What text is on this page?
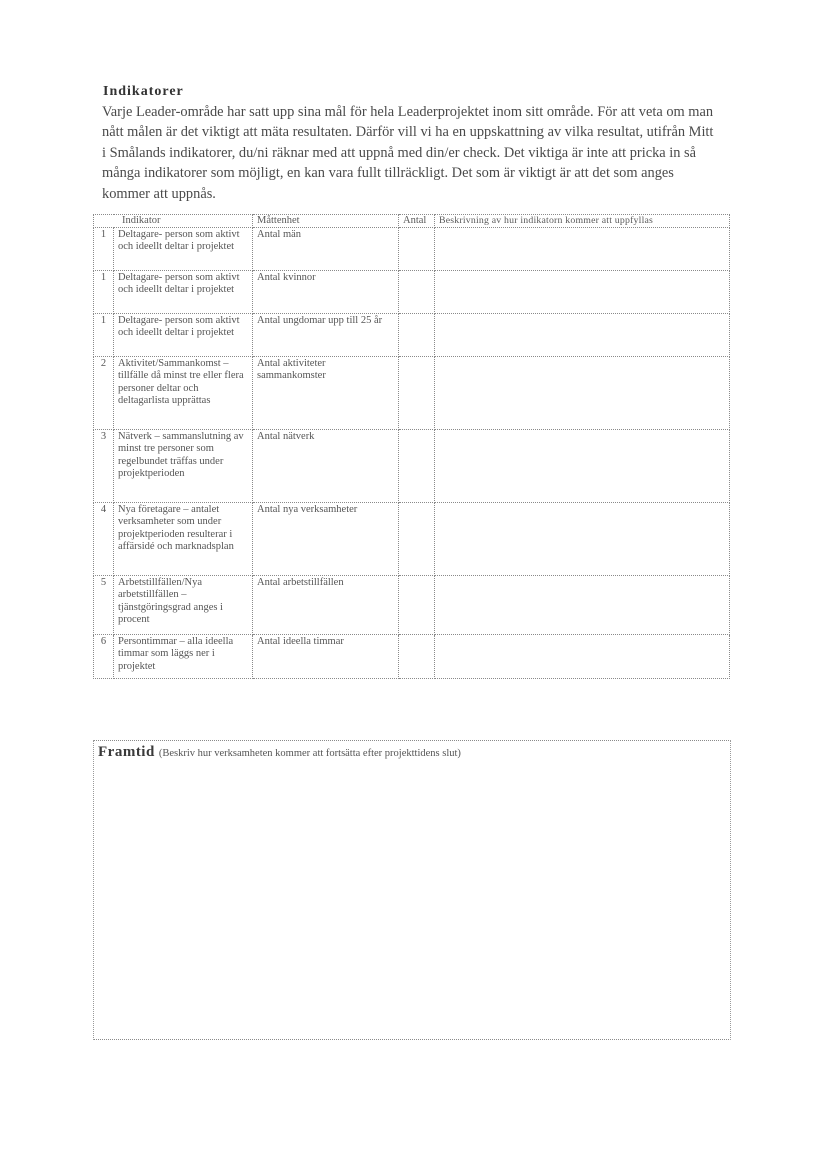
Indikatorer

Varje Leader-område har satt upp sina mål för hela Leaderprojektet inom sitt område. För att veta om man nått målen är det viktigt att mäta resultaten. Därför vill vi ha en uppskattning av vilka resultat, utifrån Mitt i Smålands indikatorer, du/ni räknar med att uppnå med din/er check. Det viktiga är inte att pricka in så många indikatorer som möjligt, en kan vara fullt tillräckligt. Det som är viktigt är att det som anges kommer att uppnås.

Indikator		Måttenhet	Antal	Beskrivning av hur indikatorn kommer att uppfyllas
1	Deltagare- person som aktivt och ideellt deltar i projektet	Antal män		
1	Deltagare- person som aktivt och ideellt deltar i projektet	Antal kvinnor		
1	Deltagare- person som aktivt och ideellt deltar i projektet	Antal ungdomar upp till 25 år		
2	Aktivitet/Sammankomst – tillfälle då minst tre eller flera personer deltar och deltagarlista upprättas	Antal aktiviteter sammankomster		
3	Nätverk – sammanslutning av minst tre personer som regelbundet träffas under projektperioden	Antal nätverk		
4	Nya företagare – antalet verksamheter som under projektperioden resulterar i affärsidé och marknadsplan	Antal nya verksamheter		
5	Arbetstillfällen/Nya arbetstillfällen – tjänstgöringsgrad anges i procent	Antal arbetstillfällen		
6	Persontimmar – alla ideella timmar som läggs ner i projektet	Antal ideella timmar		
Framtid (Beskriv hur verksamheten kommer att fortsätta efter projekttidens slut)
